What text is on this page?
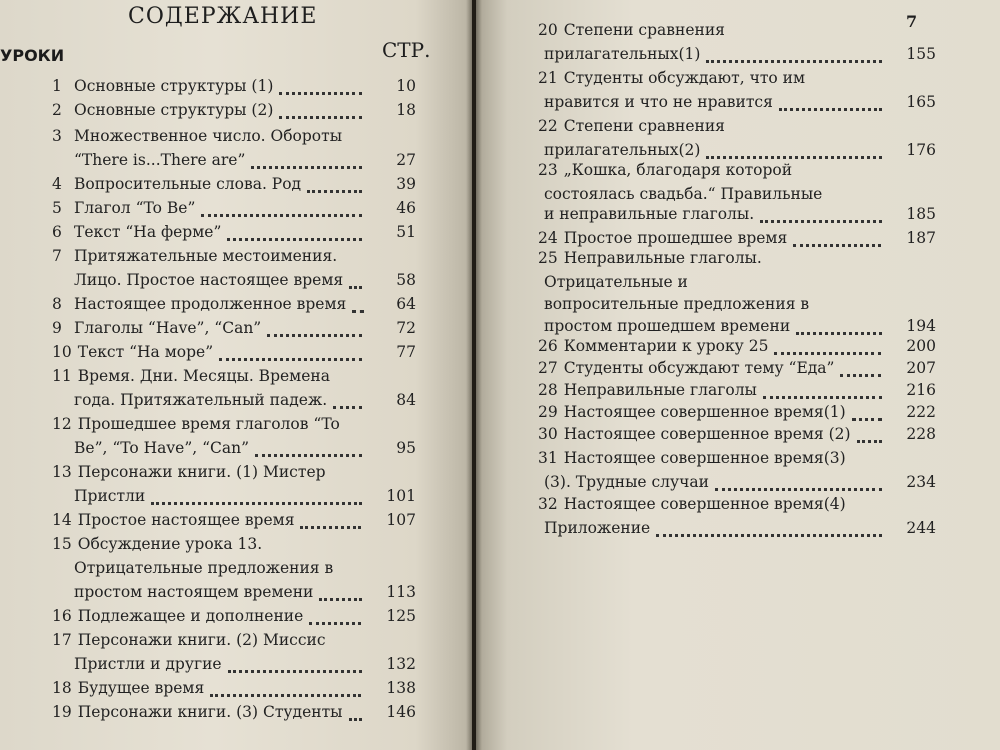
СОДЕРЖАНИЕ
УРОКИ	СТР.
1 Основные структуры (1)	10
2 Основные структуры (2)	18
3 Множественное число. Обороты
“There is...There are”	27
4 Вопросительные слова. Род	39
5 Глагол “To Be”	46
6 Текст “На ферме”	51
7 Притяжательные местоимения.
Лицо. Простое настоящее время	58
8 Настоящее продолженное время	64
9 Глаголы “Have”, “Can”	72
10 Текст “На море”	77
11 Время. Дни. Месяцы. Времена
года. Притяжательный падеж.	84
12 Прошедшее время глаголов “To
Be”, “To Have”, “Can”	95
13 Персонажи книги. (1) Мистер
Пристли	101
14 Простое настоящее время	107
15 Обсуждение урока 13.
Отрицательные предложения в
простом настоящем времени	113
16 Подлежащее и дополнение	125
17 Персонажи книги. (2) Миссис
Пристли и другие	132
18 Будущее время	138
19 Персонажи книги. (3) Студенты	146
7
20 Степени сравнения
прилагательных(1)	155
21 Студенты обсуждают, что им
нравится и что не нравится	165
22 Степени сравнения
прилагательных(2)	176
23 „Кошка, благодаря которой
состоялась свадьба.“ Правильные
и неправильные глаголы.	185
24 Простое прошедшее время	187
25 Неправильные глаголы.
Отрицательные и
вопросительные предложения в
простом прошедшем времени	194
26 Комментарии к уроку 25	200
27 Студенты обсуждают тему “Еда”	207
28 Неправильные глаголы	216
29 Настоящее совершенное время(1)	222
30 Настоящее совершенное время (2)	228
31 Настоящее совершенное время(3)
(3). Трудные случаи	234
32 Настоящее совершенное время(4)
Приложение	244
